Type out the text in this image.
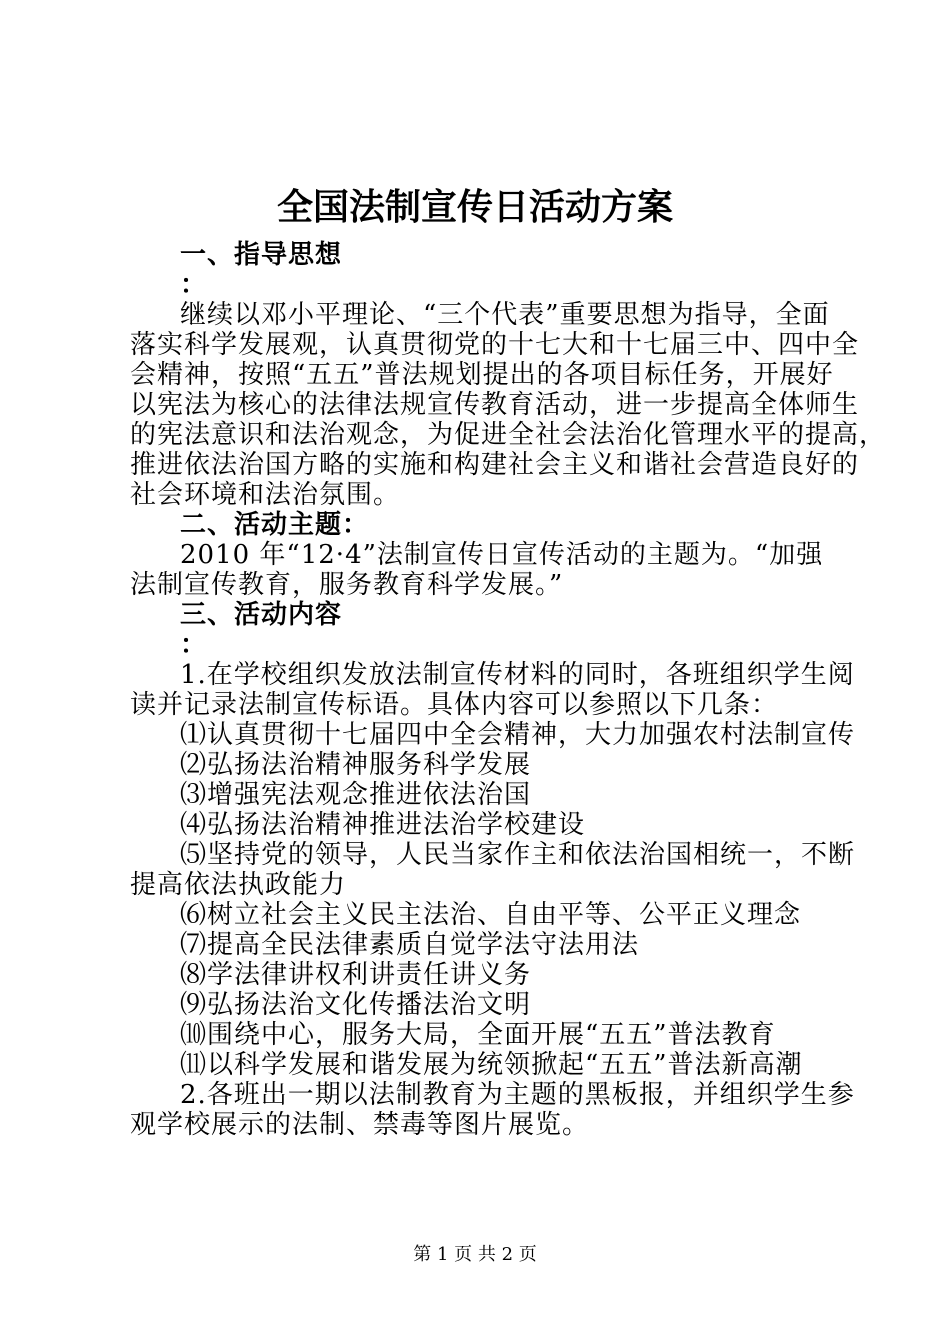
全国法制宣传日活动方案
一、指导思想
：
继续以邓小平理论、“三个代表”重要思想为指导，全面
落实科学发展观，认真贯彻党的十七大和十七届三中、四中全
会精神，按照“五五”普法规划提出的各项目标任务，开展好
以宪法为核心的法律法规宣传教育活动，进一步提高全体师生
的宪法意识和法治观念，为促进全社会法治化管理水平的提高，
推进依法治国方略的实施和构建社会主义和谐社会营造良好的
社会环境和法治氛围。
二、活动主题：
2010 年“12·4”法制宣传日宣传活动的主题为。“加强
法制宣传教育，服务教育科学发展。”
三、活动内容
：
1.在学校组织发放法制宣传材料的同时，各班组织学生阅
读并记录法制宣传标语。具体内容可以参照以下几条：
⑴认真贯彻十七届四中全会精神，大力加强农村法制宣传
⑵弘扬法治精神服务科学发展
⑶增强宪法观念推进依法治国
⑷弘扬法治精神推进法治学校建设
⑸坚持党的领导，人民当家作主和依法治国相统一，不断
提高依法执政能力
⑹树立社会主义民主法治、自由平等、公平正义理念
⑺提高全民法律素质自觉学法守法用法
⑻学法律讲权利讲责任讲义务
⑼弘扬法治文化传播法治文明
⑽围绕中心，服务大局，全面开展“五五”普法教育
⑾以科学发展和谐发展为统领掀起“五五”普法新高潮
2.各班出一期以法制教育为主题的黑板报，并组织学生参
观学校展示的法制、禁毒等图片展览。
第 1 页 共 2 页
